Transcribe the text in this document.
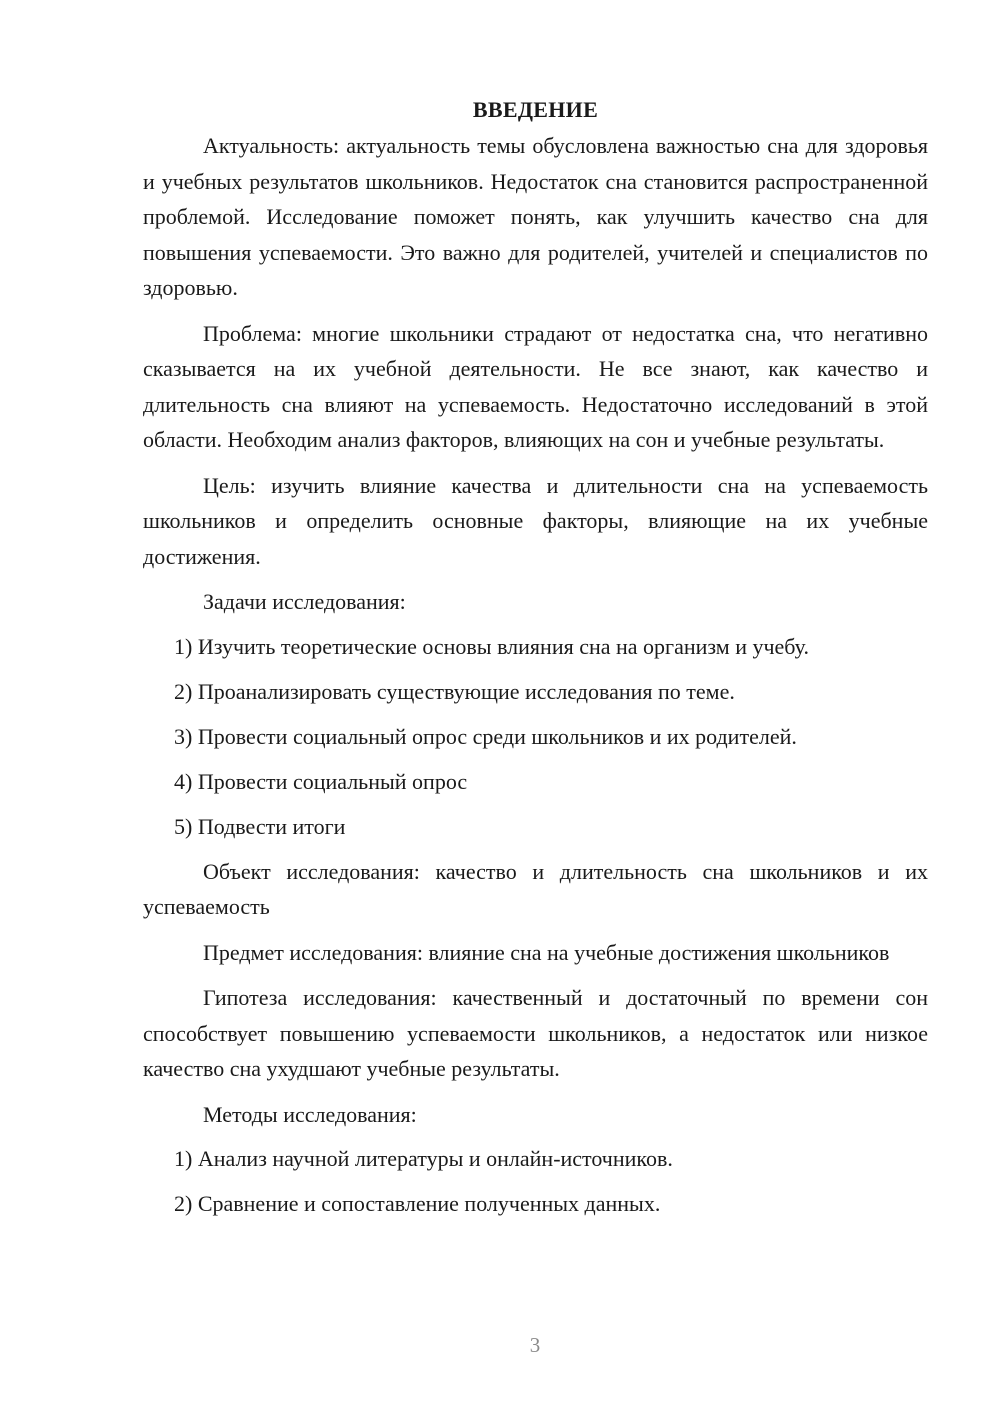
ВВЕДЕНИЕ

Актуальность: актуальность темы обусловлена важностью сна для здоровья и учебных результатов школьников. Недостаток сна становится распространенной проблемой. Исследование поможет понять, как улучшить качество сна для повышения успеваемости. Это важно для родителей, учителей и специалистов по здоровью.

Проблема: многие школьники страдают от недостатка сна, что негативно сказывается на их учебной деятельности. Не все знают, как качество и длительность сна влияют на успеваемость. Недостаточно исследований в этой области. Необходим анализ факторов, влияющих на сон и учебные результаты.

Цель: изучить влияние качества и длительности сна на успеваемость школьников и определить основные факторы, влияющие на их учебные достижения.

Задачи исследования:

1) Изучить теоретические основы влияния сна на организм и учебу.
2) Проанализировать существующие исследования по теме.
3) Провести социальный опрос среди школьников и их родителей.
4) Провести социальный опрос
5) Подвести итоги

Объект исследования: качество и длительность сна школьников и их успеваемость

Предмет исследования: влияние сна на учебные достижения школьников

Гипотеза исследования: качественный и достаточный по времени сон способствует повышению успеваемости школьников, а недостаток или низкое качество сна ухудшают учебные результаты.

Методы исследования:

1) Анализ научной литературы и онлайн-источников.
2) Сравнение и сопоставление полученных данных.
3
